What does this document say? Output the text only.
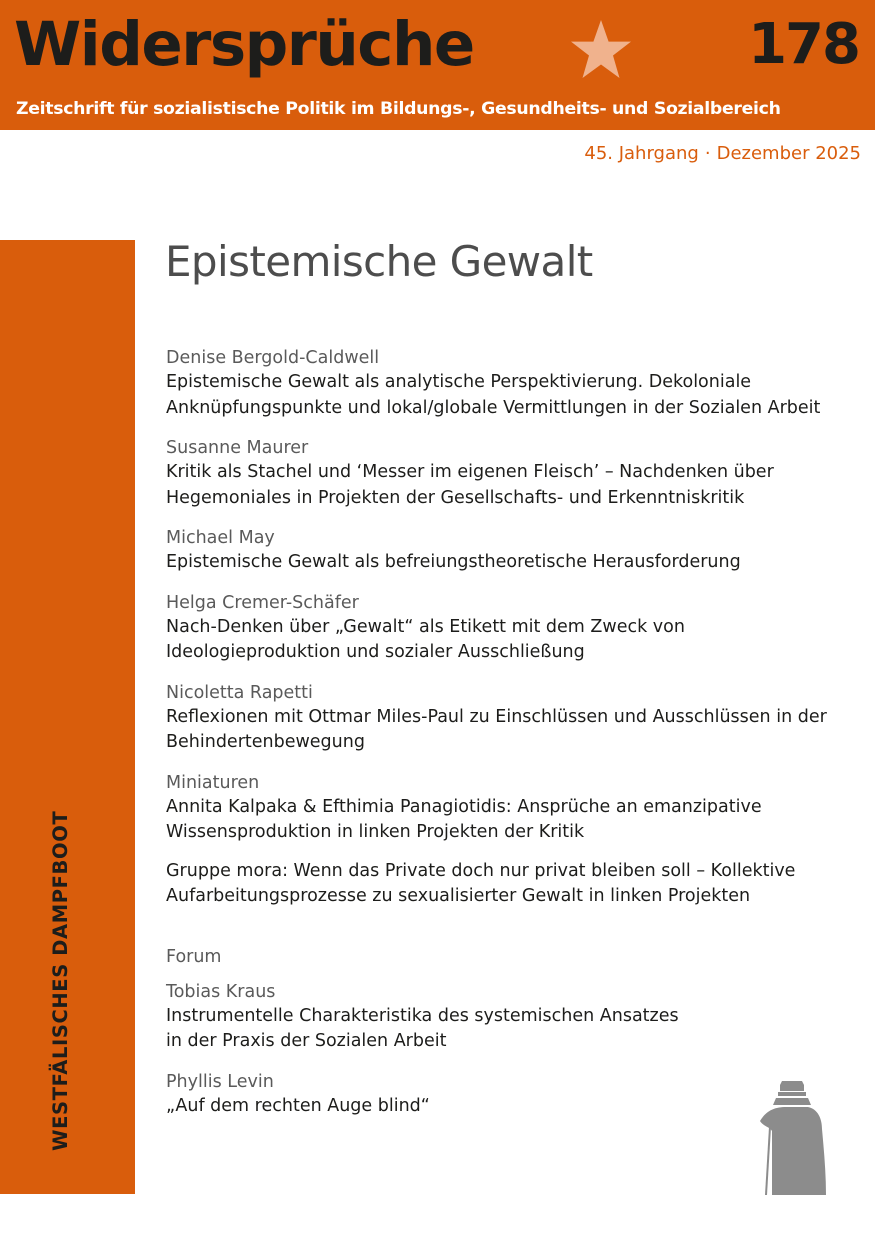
Widersprüche	178
Zeitschrift für sozialistische Politik im Bildungs-, Gesundheits- und Sozialbereich
45. Jahrgang · Dezember 2025
WESTFÄLISCHES DAMPFBOOT
Epistemische Gewalt
Denise Bergold-Caldwell
Epistemische Gewalt als analytische Perspektivierung. Dekoloniale Anknüpfungspunkte und lokal/globale Vermittlungen in der Sozialen Arbeit
Susanne Maurer
Kritik als Stachel und ‘Messer im eigenen Fleisch’ – Nachdenken über Hegemoniales in Projekten der Gesellschafts- und Erkenntniskritik
Michael May
Epistemische Gewalt als befreiungstheoretische Herausforderung
Helga Cremer-Schäfer
Nach-Denken über „Gewalt“ als Etikett mit dem Zweck von Ideologieproduktion und sozialer Ausschließung
Nicoletta Rapetti
Reflexionen mit Ottmar Miles-Paul zu Einschlüssen und Ausschlüssen in der Behindertenbewegung
Miniaturen
Annita Kalpaka & Efthimia Panagiotidis: Ansprüche an emanzipative Wissensproduktion in linken Projekten der Kritik
Gruppe mora: Wenn das Private doch nur privat bleiben soll – Kollektive Aufarbeitungsprozesse zu sexualisierter Gewalt in linken Projekten
Forum
Tobias Kraus
Instrumentelle Charakteristika des systemischen Ansatzes
in der Praxis der Sozialen Arbeit
Phyllis Levin
„Auf dem rechten Auge blind“
